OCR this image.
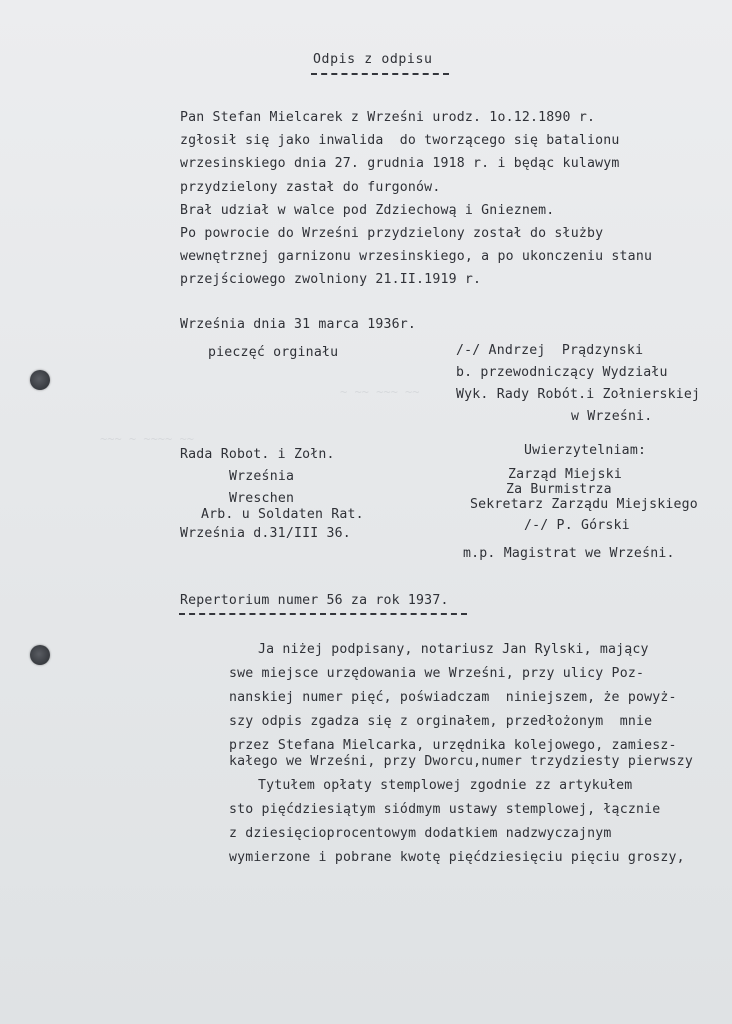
Odpis z odpisu
Pan Stefan Mielcarek z Wrześni urodz. 1o.12.1890 r.
zgłosił się jako inwalida  do tworzącego się batalionu
wrzesinskiego dnia 27. grudnia 1918 r. i będąc kulawym
przydzielony zastał do furgonów.
Brał udział w walce pod Zdziechową i Gnieznem.
Po powrocie do Wrześni przydzielony został do służby
wewnętrznej garnizonu wrzesinskiego, a po ukonczeniu stanu
przejściowego zwolniony 21.II.1919 r.
Września dnia 31 marca 1936r.
pieczęć orginału	/-/ Andrzej  Prądzynski
b. przewodniczący Wydziału
Wyk. Rady Robót.i Zołnierskiej
w Wrześni.
~ ~~ ~~~ ~~
~~~ ~ ~~~~ ~~
Rada Robot. i Zołn.
Września
Wreschen
Arb. u Soldaten Rat.
Września d.31/III 36.
Uwierzytelniam:
Zarząd Miejski
Za Burmistrza
Sekretarz Zarządu Miejskiego
/-/ P. Górski
m.p. Magistrat we Wrześni.
Repertorium numer 56 za rok 1937.
Ja niżej podpisany, notariusz Jan Rylski, mający
swe miejsce urzędowania we Wrześni, przy ulicy Poz-
nanskiej numer pięć, poświadczam  niniejszem, że powyż-
szy odpis zgadza się z orginałem, przedłożonym  mnie
przez Stefana Mielcarka, urzędnika kolejowego, zamiesz-
kałego we Wrześni, przy Dworcu,numer trzydziesty pierwszy
Tytułem opłaty stemplowej zgodnie zz artykułem
sto pięćdziesiątym siódmym ustawy stemplowej, łącznie
z dziesięcioprocentowym dodatkiem nadzwyczajnym
wymierzone i pobrane kwotę pięćdziesięciu pięciu groszy,
